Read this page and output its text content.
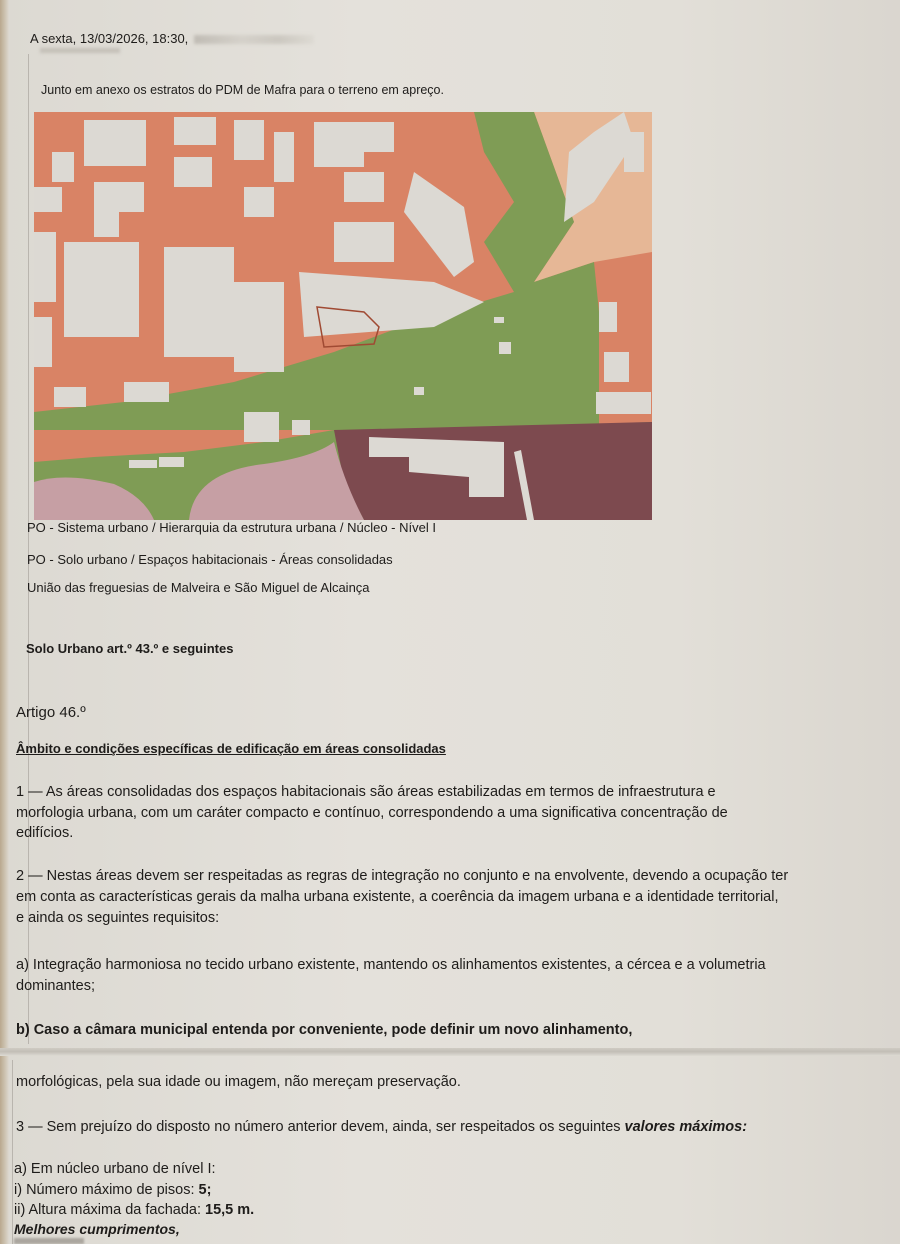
A sexta, 13/03/2026, 18:30,
Junto em anexo os estratos do PDM de Mafra para o terreno em apreço.
PO - Sistema urbano / Hierarquia da estrutura urbana / Núcleo - Nível I
PO - Solo urbano / Espaços habitacionais - Áreas consolidadas
União das freguesias de Malveira e São Miguel de Alcainça
Solo Urbano art.º 43.º e seguintes
Artigo 46.º
Âmbito e condições específicas de edificação em áreas consolidadas
1 — As áreas consolidadas dos espaços habitacionais são áreas estabilizadas em termos de infraestrutura e
morfologia urbana, com um caráter compacto e contínuo, correspondendo a uma significativa concentração de
edifícios.
2 — Nestas áreas devem ser respeitadas as regras de integração no conjunto e na envolvente, devendo a ocupação ter
em conta as características gerais da malha urbana existente, a coerência da imagem urbana e a identidade territorial,
e ainda os seguintes requisitos:
a) Integração harmoniosa no tecido urbano existente, mantendo os alinhamentos existentes, a cércea e a volumetria
dominantes;
b) Caso a câmara municipal entenda por conveniente, pode definir um novo alinhamento,
morfológicas, pela sua idade ou imagem, não mereçam preservação.
3 — Sem prejuízo do disposto no número anterior devem, ainda, ser respeitados os seguintes valores máximos:
a) Em núcleo urbano de nível I:
i) Número máximo de pisos: 5;
ii) Altura máxima da fachada: 15,5 m.
Melhores cumprimentos,
